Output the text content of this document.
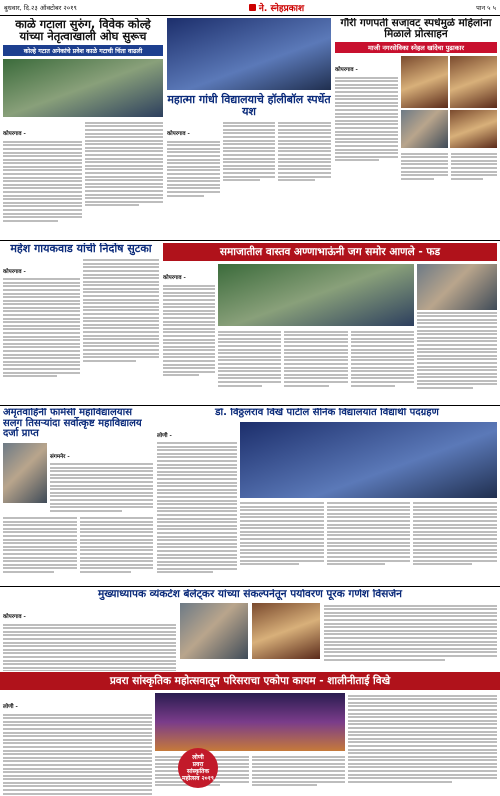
बुधवार, दि.२३ ऑक्टोबर २०१९	ने. स्नेहप्रकाश	पान ५ ५
काळे गटाला सुरुंग, विवेक कोल्हे यांच्या नेतृत्वाखाली ओघ सुरूच
कोल्हे गटात अनेकांचे प्रवेश काळे गटाची चिंता वाढली
कोपरगाव -
महात्मा गांधी विद्यालयाचे हॉलीबॉल स्पर्धेत यश
कोपरगाव -
गौरी गणपती सजावट स्पर्धेमुळे महिलांना मिळाले प्रोत्साहन
माजी नगरसेविका स्नेहल खांदेचा पुढाकार
कोपरगाव -
महेश गायकवाड यांची निर्दोष सुटका
कोपरगाव -
समाजातील वास्तव अण्णाभाऊंनी जग समोर आणले - फड
कोपरगाव -
अमृतवाहिनी फार्मसी महाविद्यालयास सलग तिसऱ्यांदा सर्वोत्कृष्ट महाविद्यालय दर्जा प्राप्त
संगमनेर -
डॉ. विठ्ठलराव विखे पाटील सैनिक विद्यालयात विद्यार्थी पदग्रहण
लोणी -
मुख्याध्यापक व्यंकटेश बेलेट्कर यांच्या संकल्पनेतून पर्यावरण पूरक गणेश विसर्जन
कोपरगाव -
प्रवरा सांस्कृतिक महोत्सवातून परिसराचा एकोपा कायम - शालीनीताई विखे
लोणी -
लोणी
प्रवरा
सांस्कृतिक
महोत्सव २०१९
